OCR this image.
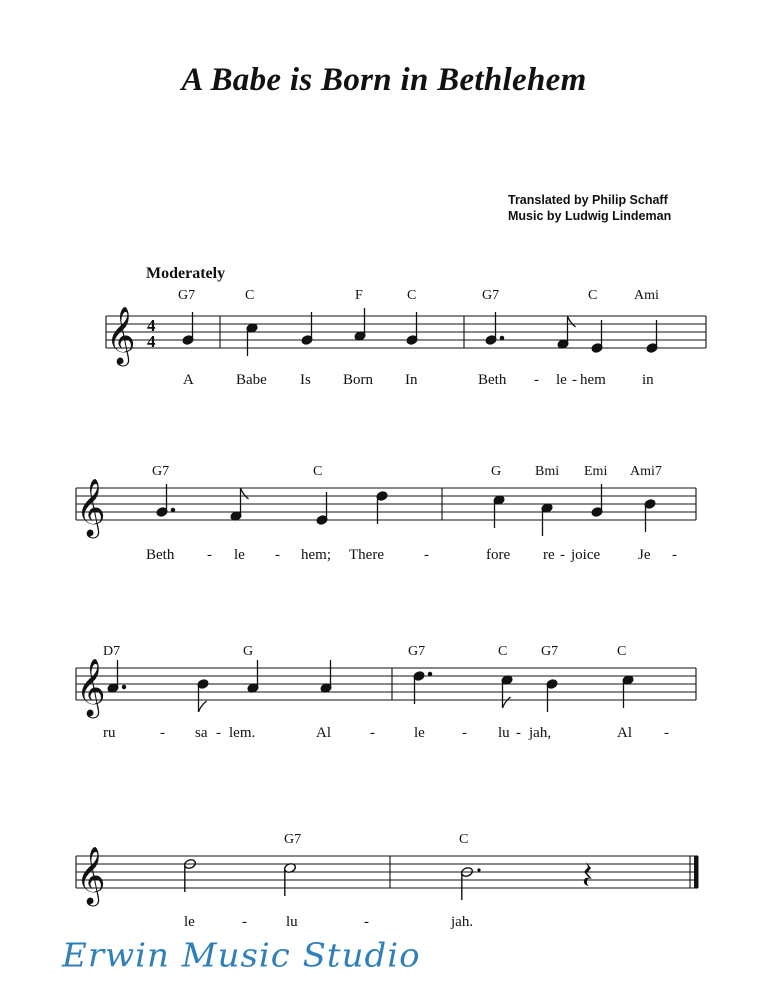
A Babe is Born in Bethlehem
Translated by Philip Schaff
Music by Ludwig Lindeman
Moderately
G7	C	F	C	G7	C	Ami
𝄞 4
4
A	Babe Is Born In	Beth - le - hem in
G7	C	G Bmi Emi Ami7
𝄞
Beth - le - hem; There	-	fore re - joice	Je -
D7	G	G7	C G7	C
𝄞
ru	- sa - lem.	Al	-	le - lu - jah,	Al -
G7	C
𝄞
le	-	lu	-	jah.
Erwin Music Studio
